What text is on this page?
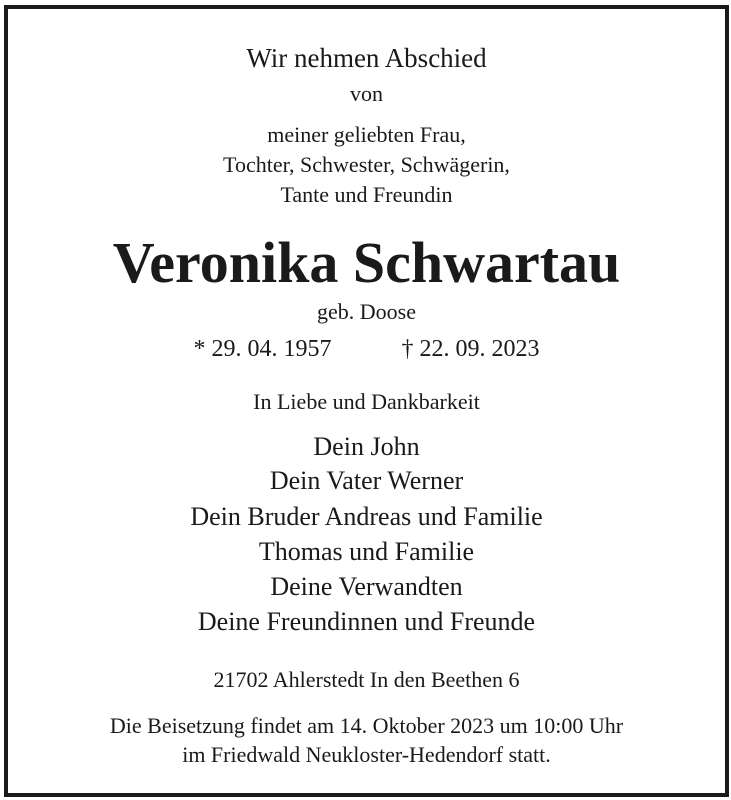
Wir nehmen Abschied
von
meiner geliebten Frau,
Tochter, Schwester, Schwägerin,
Tante und Freundin
Veronika Schwartau
geb. Doose
* 29. 04. 1957	† 22. 09. 2023
In Liebe und Dankbarkeit
Dein John
Dein Vater Werner
Dein Bruder Andreas und Familie
Thomas und Familie
Deine Verwandten
Deine Freundinnen und Freunde
21702 Ahlerstedt In den Beethen 6
Die Beisetzung findet am 14. Oktober 2023 um 10:00 Uhr
im Friedwald Neukloster-Hedendorf statt.
